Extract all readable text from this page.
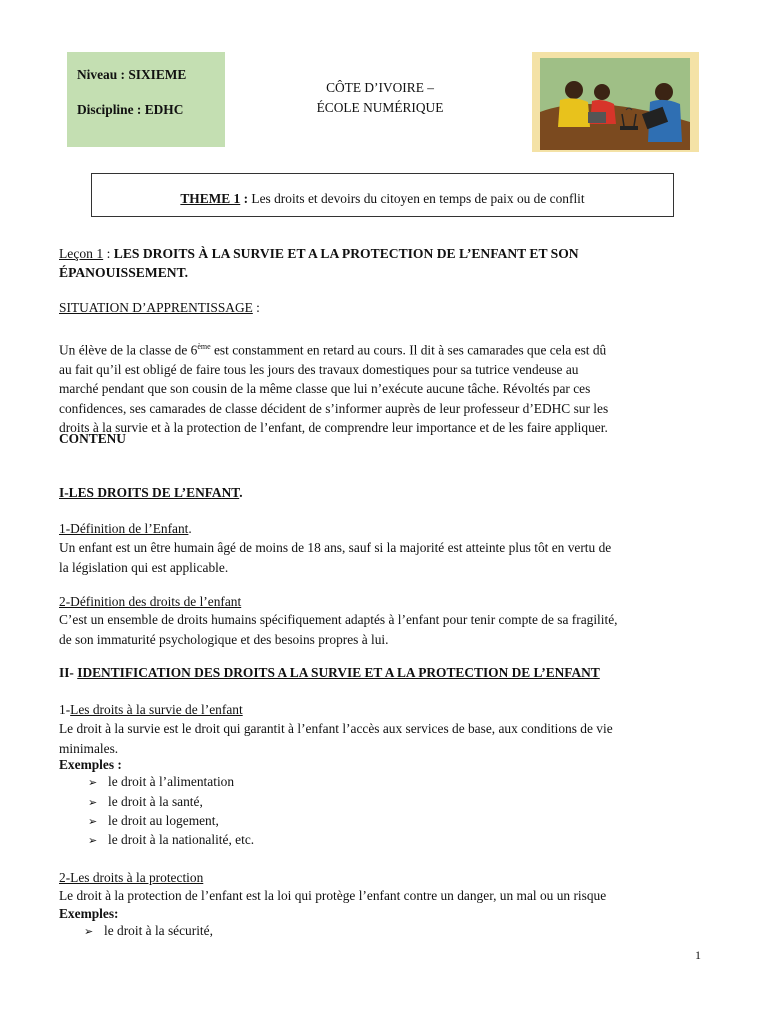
Niveau : SIXIEME
Discipline : EDHC
CÔTE D’IVOIRE –
ÉCOLE NUMÉRIQUE
THEME 1 : Les droits et devoirs du citoyen en temps de paix ou de conflit
Leçon 1 : LES DROITS À LA SURVIE ET A LA PROTECTION DE L’ENFANT ET SON
ÉPANOUISSEMENT.
SITUATION D’APPRENTISSAGE :
Un élève de la classe de 6ème est constamment en retard au cours. Il dit à ses camarades que cela est dû
au fait qu’il est obligé de faire tous les jours des travaux domestiques pour sa tutrice vendeuse au
marché pendant que son cousin de la même classe que lui n’exécute aucune tâche. Révoltés par ces
confidences, ses camarades de classe décident de s’informer auprès de leur professeur d’EDHC sur les
droits à la survie et à la protection de l’enfant, de comprendre leur importance et de les faire appliquer.
CONTENU
I-LES DROITS DE L’ENFANT.
1-Définition de l’Enfant.
Un enfant est un être humain âgé de moins de 18 ans, sauf si la majorité est atteinte plus tôt en vertu de
la législation qui est applicable.
2-Définition des droits de l’enfant
C’est un ensemble de droits humains spécifiquement adaptés à l’enfant pour tenir compte de sa fragilité,
de son immaturité psychologique et des besoins propres à lui.
II- IDENTIFICATION DES DROITS A LA SURVIE ET A LA PROTECTION DE L’ENFANT
1-Les droits à la survie de l’enfant
Le droit à la survie est le droit qui garantit à l’enfant l’accès aux services de base, aux conditions de vie
minimales.
Exemples :
➢ le droit à l’alimentation
➢ le droit à la santé,
➢ le droit au logement,
➢ le droit à la nationalité, etc.
2-Les droits à la protection
Le droit à la protection de l’enfant est la loi qui protège l’enfant contre un danger, un mal ou un risque
Exemples:
➢ le droit à la sécurité,
1
